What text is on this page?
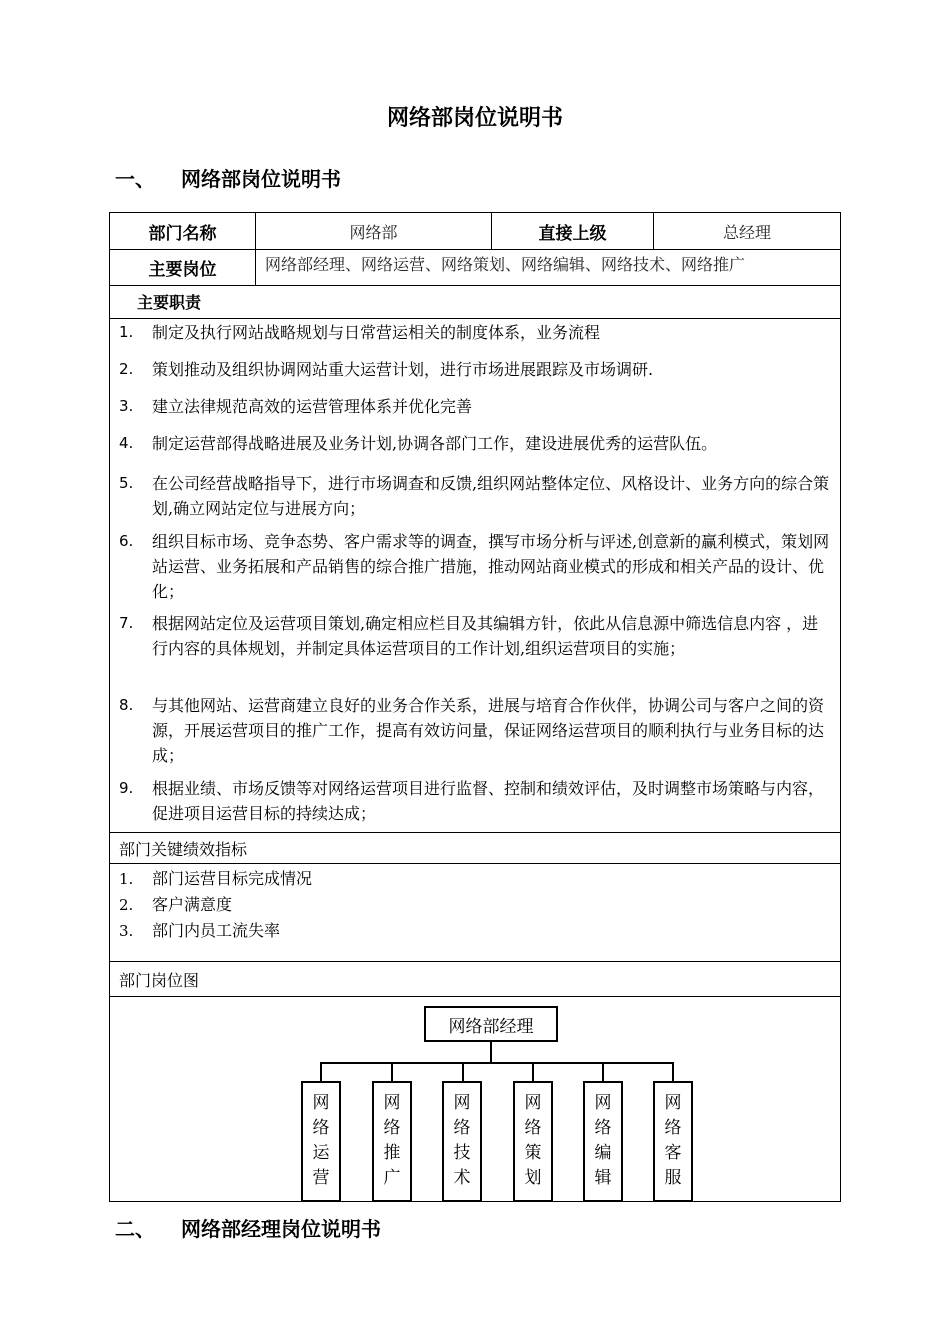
网络部岗位说明书
一、 网络部岗位说明书
部门名称	网络部	直接上级	总经理
主要岗位	网络部经理、网络运营、网络策划、网络编辑、网络技术、网络推广
主要职责
1. 制定及执行网站战略规划与日常营运相关的制度体系，业务流程
2. 策划推动及组织协调网站重大运营计划，进行市场进展跟踪及市场调研.
3. 建立法律规范高效的运营管理体系并优化完善
4. 制定运营部得战略进展及业务计划,协调各部门工作，建设进展优秀的运营队伍。
5. 在公司经营战略指导下，进行市场调查和反馈,组织网站整体定位、风格设计、业务方向的综合策划,确立网站定位与进展方向；
6. 组织目标市场、竞争态势、客户需求等的调查，撰写市场分析与评述,创意新的赢利模式，策划网站运营、业务拓展和产品销售的综合推广措施，推动网站商业模式的形成和相关产品的设计、优化；
7. 根据网站定位及运营项目策划,确定相应栏目及其编辑方针，依此从信息源中筛选信息内容 ，进行内容的具体规划，并制定具体运营项目的工作计划,组织运营项目的实施；
8. 与其他网站、运营商建立良好的业务合作关系，进展与培育合作伙伴，协调公司与客户之间的资源，开展运营项目的推广工作，提高有效访问量，保证网络运营项目的顺利执行与业务目标的达成；
9. 根据业绩、市场反馈等对网络运营项目进行监督、控制和绩效评估，及时调整市场策略与内容，促进项目运营目标的持续达成；
部门关键绩效指标
1. 部门运营目标完成情况
2. 客户满意度
3. 部门内员工流失率
部门岗位图
网络部经理
网
络
运
营
网
络
推
广
网
络
技
术
网
络
策
划
网
络
编
辑
网
络
客
服
二、 网络部经理岗位说明书
